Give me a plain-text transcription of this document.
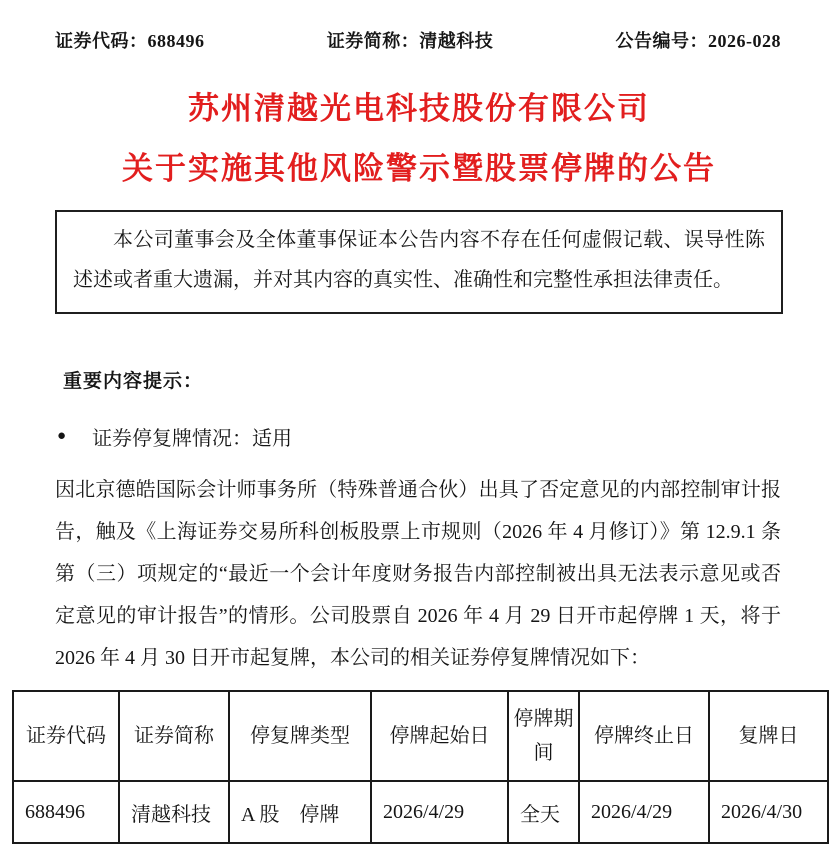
证券代码：688496	证券简称：清越科技	公告编号：2026-028
苏州清越光电科技股份有限公司
关于实施其他风险警示暨股票停牌的公告
本公司董事会及全体董事保证本公告内容不存在任何虚假记载、误导性陈述述或者重大遗漏，并对其内容的真实性、准确性和完整性承担法律责任。
重要内容提示：
● 证券停复牌情况：适用
因北京德皓国际会计师事务所（特殊普通合伙）出具了否定意见的内部控制审计报告，触及《上海证券交易所科创板股票上市规则（2026 年 4 月修订）》第 12.9.1 条第（三）项规定的“最近一个会计年度财务报告内部控制被出具无法表示意见或否定意见的审计报告”的情形。公司股票自 2026 年 4 月 29 日开市起停牌 1 天，将于 2026 年 4 月 30 日开市起复牌，本公司的相关证券停复牌情况如下：
证券代码	证券简称	停复牌类型	停牌起始日	停牌期间	停牌终止日	复牌日
688496	清越科技	A 股　停牌	2026/4/29	全天	2026/4/29	2026/4/30
